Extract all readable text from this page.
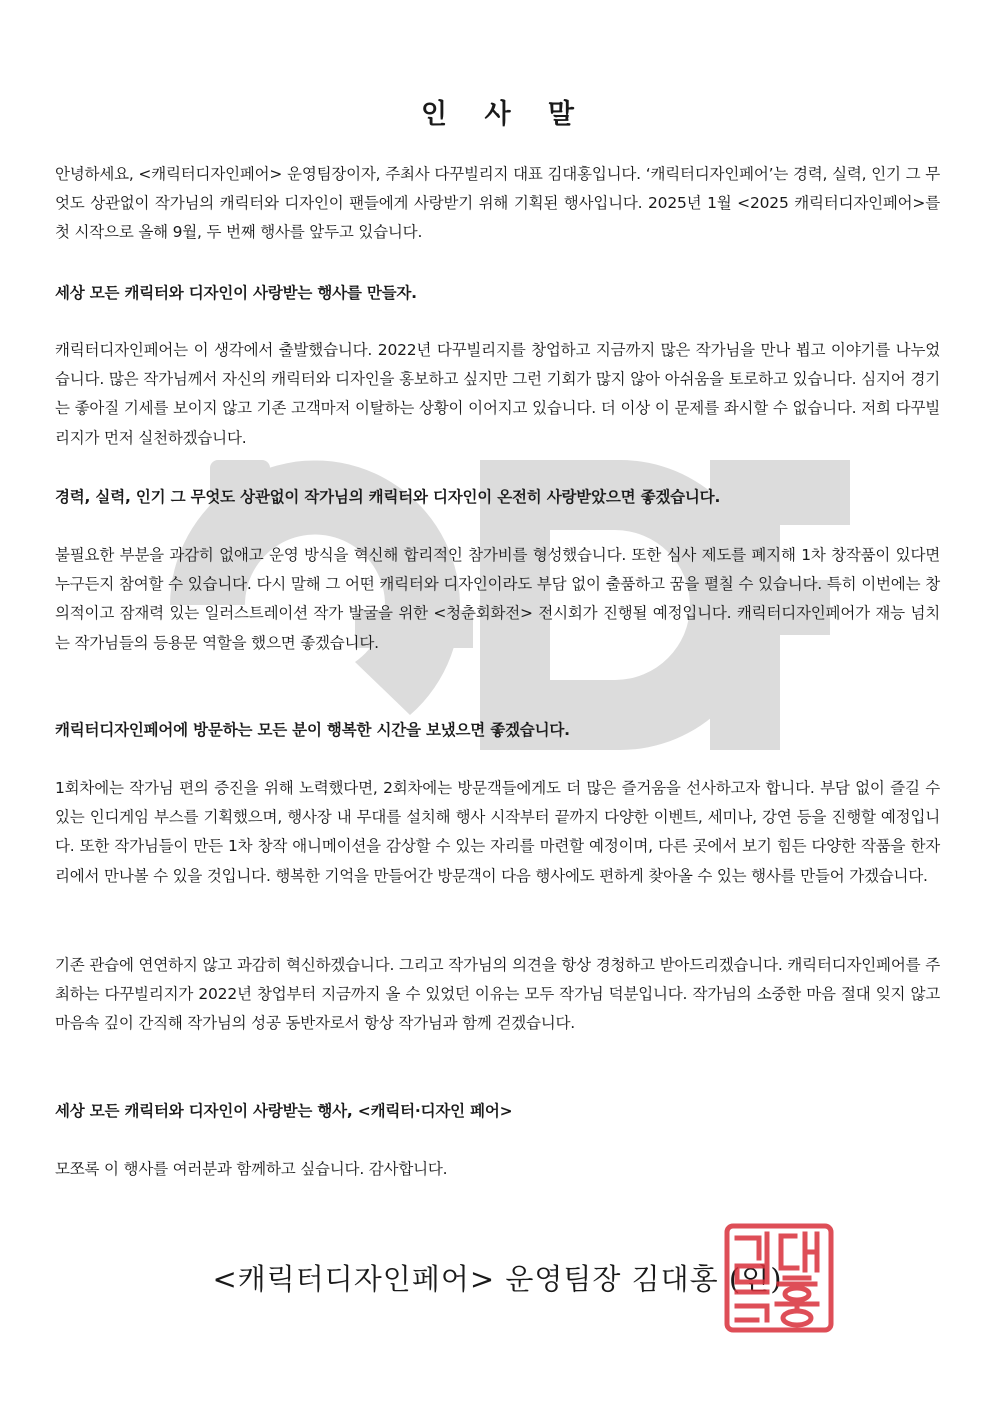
인 사 말

안녕하세요, <캐릭터디자인페어> 운영팀장이자, 주최사 다꾸빌리지 대표 김대홍입니다. ‘캐릭터디자인페어’는 경력, 실력, 인기 그 무엇도 상관없이 작가님의 캐릭터와 디자인이 팬들에게 사랑받기 위해 기획된 행사입니다. 2025년 1월 <2025 캐릭터디자인페어>를 첫 시작으로 올해 9월, 두 번째 행사를 앞두고 있습니다.

세상 모든 캐릭터와 디자인이 사랑받는 행사를 만들자.

캐릭터디자인페어는 이 생각에서 출발했습니다. 2022년 다꾸빌리지를 창업하고 지금까지 많은 작가님을 만나 뵙고 이야기를 나누었습니다. 많은 작가님께서 자신의 캐릭터와 디자인을 홍보하고 싶지만 그런 기회가 많지 않아 아쉬움을 토로하고 있습니다. 심지어 경기는 좋아질 기세를 보이지 않고 기존 고객마저 이탈하는 상황이 이어지고 있습니다. 더 이상 이 문제를 좌시할 수 없습니다. 저희 다꾸빌리지가 먼저 실천하겠습니다.

경력, 실력, 인기 그 무엇도 상관없이 작가님의 캐릭터와 디자인이 온전히 사랑받았으면 좋겠습니다.

불필요한 부분을 과감히 없애고 운영 방식을 혁신해 합리적인 참가비를 형성했습니다. 또한 심사 제도를 폐지해 1차 창작품이 있다면 누구든지 참여할 수 있습니다. 다시 말해 그 어떤 캐릭터와 디자인이라도 부담 없이 출품하고 꿈을 펼칠 수 있습니다. 특히 이번에는 창의적이고 잠재력 있는 일러스트레이션 작가 발굴을 위한 <청춘회화전> 전시회가 진행될 예정입니다. 캐릭터디자인페어가 재능 넘치는 작가님들의 등용문 역할을 했으면 좋겠습니다.

캐릭터디자인페어에 방문하는 모든 분이 행복한 시간을 보냈으면 좋겠습니다.

1회차에는 작가님 편의 증진을 위해 노력했다면, 2회차에는 방문객들에게도 더 많은 즐거움을 선사하고자 합니다. 부담 없이 즐길 수 있는 인디게임 부스를 기획했으며, 행사장 내 무대를 설치해 행사 시작부터 끝까지 다양한 이벤트, 세미나, 강연 등을 진행할 예정입니다. 또한 작가님들이 만든 1차 창작 애니메이션을 감상할 수 있는 자리를 마련할 예정이며, 다른 곳에서 보기 힘든 다양한 작품을 한자리에서 만나볼 수 있을 것입니다. 행복한 기억을 만들어간 방문객이 다음 행사에도 편하게 찾아올 수 있는 행사를 만들어 가겠습니다.

기존 관습에 연연하지 않고 과감히 혁신하겠습니다. 그리고 작가님의 의견을 항상 경청하고 받아드리겠습니다. 캐릭터디자인페어를 주최하는 다꾸빌리지가 2022년 창업부터 지금까지 올 수 있었던 이유는 모두 작가님 덕분입니다. 작가님의 소중한 마음 절대 잊지 않고 마음속 깊이 간직해 작가님의 성공 동반자로서 항상 작가님과 함께 걷겠습니다.

세상 모든 캐릭터와 디자인이 사랑받는 행사, <캐릭터·디자인 페어>

모쪼록 이 행사를 여러분과 함께하고 싶습니다. 감사합니다.

<캐릭터디자인페어> 운영팀장 김대홍 (인)
